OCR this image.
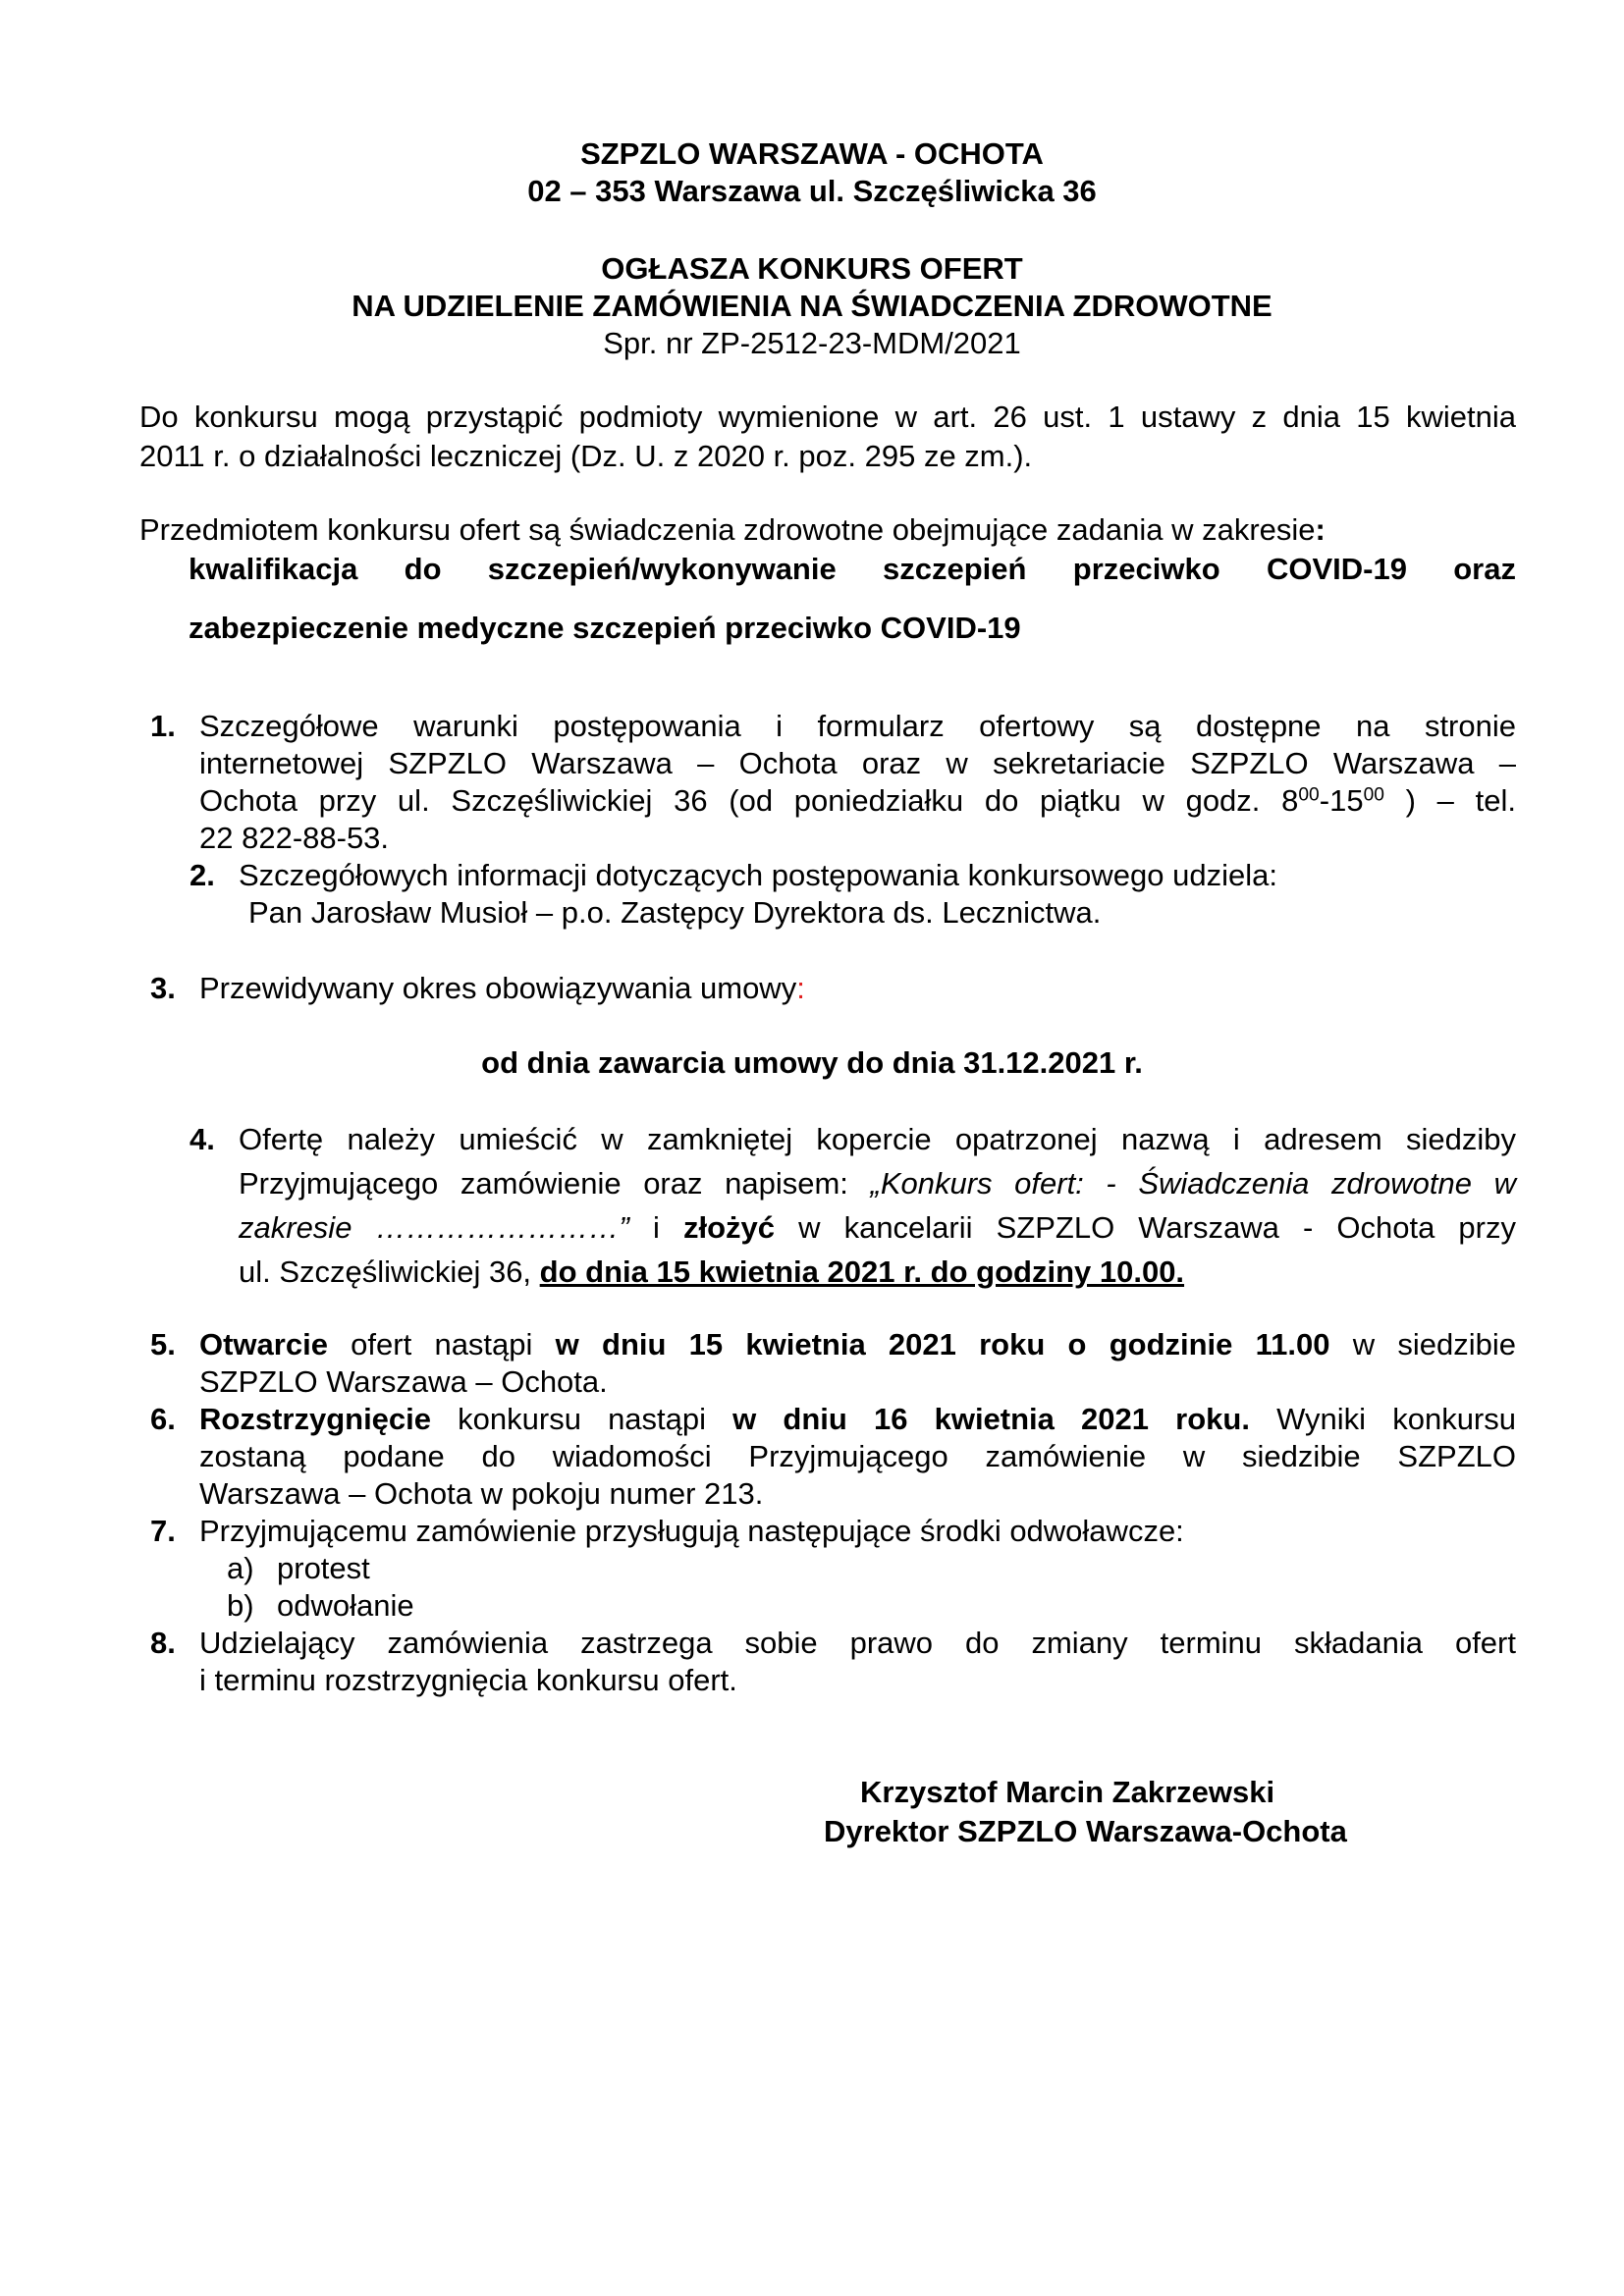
SZPZLO WARSZAWA - OCHOTA
02 – 353 Warszawa ul. Szczęśliwicka 36
OGŁASZA KONKURS OFERT
NA UDZIELENIE ZAMÓWIENIA NA ŚWIADCZENIA ZDROWOTNE
Spr. nr ZP-2512-23-MDM/2021
Do konkursu mogą przystąpić podmioty wymienione w art. 26 ust. 1 ustawy z dnia 15 kwietnia
2011 r. o działalności leczniczej (Dz. U. z 2020 r. poz. 295 ze zm.).
Przedmiotem konkursu ofert są świadczenia zdrowotne obejmujące zadania w zakresie:
kwalifikacja do szczepień/wykonywanie szczepień przeciwko COVID-19 oraz
zabezpieczenie medyczne szczepień przeciwko COVID-19
1. Szczegółowe warunki postępowania i formularz ofertowy są dostępne na stronie
internetowej SZPZLO Warszawa – Ochota oraz w sekretariacie SZPZLO Warszawa –
Ochota przy ul. Szczęśliwickiej 36 (od poniedziałku do piątku w godz. $8^{00}-15^{00}$ ) – tel.
22 822-88-53.
2. Szczegółowych informacji dotyczących postępowania konkursowego udziela:
Pan Jarosław Musioł – p.o. Zastępcy Dyrektora ds. Lecznictwa.
3. Przewidywany okres obowiązywania umowy:
od dnia zawarcia umowy do dnia 31.12.2021 r.
4. Ofertę należy umieścić w zamkniętej kopercie opatrzonej nazwą i adresem siedziby
Przyjmującego zamówienie oraz napisem: „Konkurs ofert: - Świadczenia zdrowotne w
zakresie ……………………” i złożyć w kancelarii SZPZLO Warszawa - Ochota przy
ul. Szczęśliwickiej 36, do dnia 15 kwietnia 2021 r. do godziny 10.00.
5. Otwarcie ofert nastąpi w dniu 15 kwietnia 2021 roku o godzinie 11.00 w siedzibie
SZPZLO Warszawa – Ochota.
6. Rozstrzygnięcie konkursu nastąpi w dniu 16 kwietnia 2021 roku. Wyniki konkursu
zostaną podane do wiadomości Przyjmującego zamówienie w siedzibie SZPZLO
Warszawa – Ochota w pokoju numer 213.
7. Przyjmującemu zamówienie przysługują następujące środki odwoławcze:
a) protest
b) odwołanie
8. Udzielający zamówienia zastrzega sobie prawo do zmiany terminu składania ofert
i terminu rozstrzygnięcia konkursu ofert.
Krzysztof Marcin Zakrzewski
Dyrektor SZPZLO Warszawa-Ochota
